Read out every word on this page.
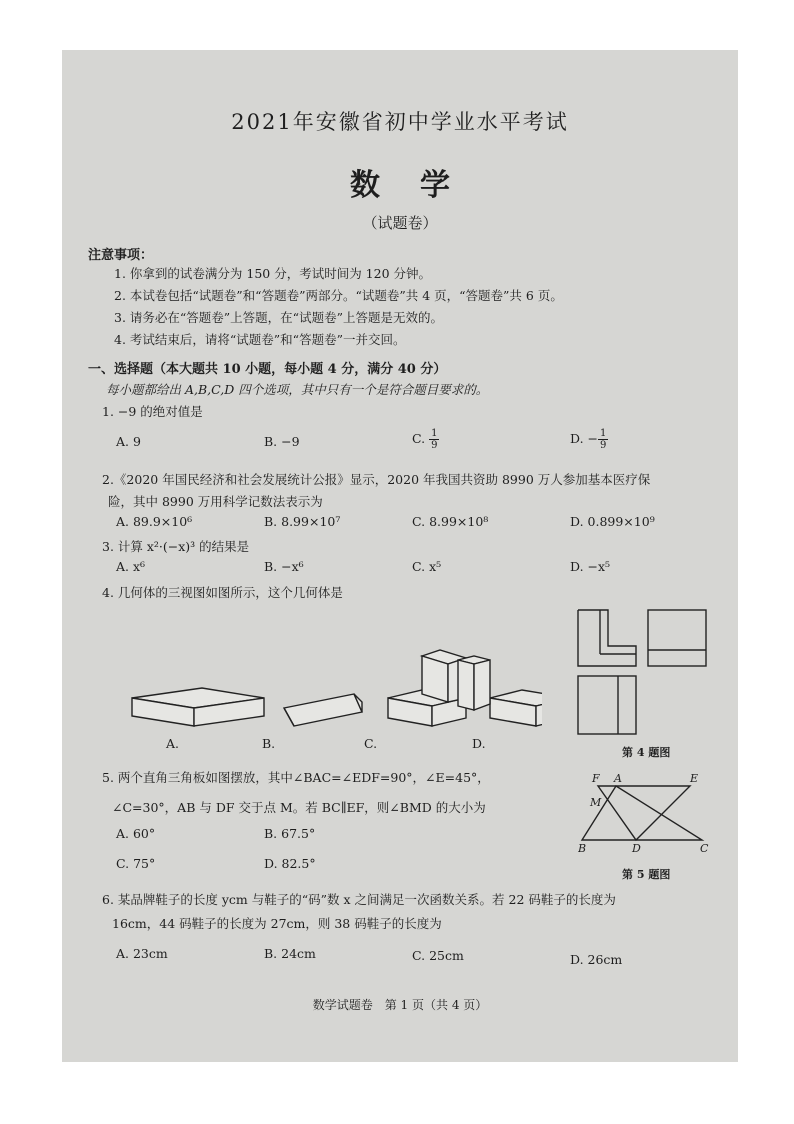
2021年安徽省初中学业水平考试
数学
（试题卷）
注意事项：
1. 你拿到的试卷满分为 150 分，考试时间为 120 分钟。
2. 本试卷包括“试题卷”和“答题卷”两部分。“试题卷”共 4 页，“答题卷”共 6 页。
3. 请务必在“答题卷”上答题，在“试题卷”上答题是无效的。
4. 考试结束后，请将“试题卷”和“答题卷”一并交回。
一、选择题（本大题共 10 小题，每小题 4 分，满分 40 分）
每小题都给出 A,B,C,D 四个选项，其中只有一个是符合题目要求的。
1. −9 的绝对值是
A. 9	B. −9	C. $\frac{1}{9}$	D. − $\frac{1}{9}$
2.《2020 年国民经济和社会发展统计公报》显示，2020 年我国共资助 8990 万人参加基本医疗保
险，其中 8990 万用科学记数法表示为
A. 89.9×10⁶	B. 8.99×10⁷	C. 8.99×10⁸	D. 0.899×10⁹
3. 计算 x²·(−x)³ 的结果是
A. x⁶	B. −x⁶	C. x⁵	D. −x⁵
4. 几何体的三视图如图所示，这个几何体是
A.	B.	C.	D.
第 4 题图
5. 两个直角三角板如图摆放，其中∠BAC=∠EDF=90°，∠E=45°，
∠C=30°，AB 与 DF 交于点 M。若 BC∥EF，则∠BMD 的大小为
A. 60°	B. 67.5°
C. 75°	D. 82.5°
F A	E
M
D
B	C
第 5 题图
6. 某品牌鞋子的长度 ycm 与鞋子的“码”数 x 之间满足一次函数关系。若 22 码鞋子的长度为
16cm，44 码鞋子的长度为 27cm，则 38 码鞋子的长度为
A. 23cm	B. 24cm	C. 25cm	D. 26cm
数学试题卷　第 1 页（共 4 页）
